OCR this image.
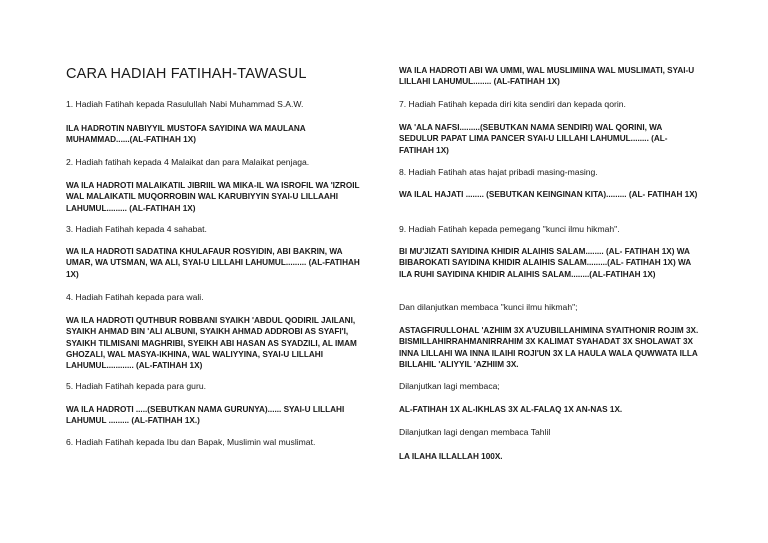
CARA HADIAH FATIHAH-TAWASUL
1. Hadiah Fatihah kepada Rasulullah Nabi Muhammad S.A.W.
ILA HADROTIN NABIYYIL MUSTOFA SAYIDINA WA MAULANA MUHAMMAD......(AL-FATIHAH 1X)
2. Hadiah fatihah kepada 4 Malaikat dan para Malaikat penjaga.
WA ILA HADROTI MALAIKATIL JIBRIIL WA MIKA-IL WA ISROFIL WA 'IZROIL WAL MALAIKATIL MUQORROBIN WAL KARUBIYYIN SYAI-U LILLAAHI LAHUMUL......... (AL-FATIHAH 1X)
3. Hadiah Fatihah kepada 4 sahabat.
WA ILA HADROTI SADATINA KHULAFAUR ROSYIDIN, ABI BAKRIN, WA UMAR, WA UTSMAN, WA ALI, SYAI-U LILLAHI LAHUMUL......... (AL-FATIHAH 1X)
4. Hadiah Fatihah kepada para wali.
WA ILA HADROTI QUTHBUR ROBBANI SYAIKH 'ABDUL QODIRIL JAILANI, SYAIKH AHMAD BIN 'ALI ALBUNI, SYAIKH AHMAD ADDROBI AS SYAFI'I, SYAIKH TILMISANI MAGHRIBI, SYEIKH ABI HASAN AS SYADZILI, AL IMAM GHOZALI, WAL MASYA-IKHINA, WAL WALIYYINA, SYAI-U LILLAHI LAHUMUL............ (AL-FATIHAH 1X)
5. Hadiah Fatihah kepada para guru.
WA ILA HADROTI .....(SEBUTKAN NAMA GURUNYA)...... SYAI-U LILLAHI LAHUMUL ......... (AL-FATIHAH 1X.)
6. Hadiah Fatihah kepada Ibu dan Bapak, Muslimin wal muslimat.
WA ILA HADROTI ABI WA UMMI, WAL MUSLIMIINA WAL MUSLIMATI, SYAI-U LILLAHI LAHUMUL........ (AL-FATIHAH 1X)
7. Hadiah Fatihah kepada diri kita sendiri dan kepada qorin.
WA 'ALA NAFSI.........(SEBUTKAN NAMA SENDIRI) WAL QORINI, WA SEDULUR PAPAT LIMA PANCER SYAI-U LILLAHI LAHUMUL........ (AL- FATIHAH 1X)
8. Hadiah Fatihah atas hajat pribadi masing-masing.
WA ILAL HAJATI ........ (SEBUTKAN KEINGINAN KITA)......... (AL- FATIHAH 1X)
9. Hadiah Fatihah kepada pemegang "kunci ilmu hikmah".
BI MU'JIZATI SAYIDINA KHIDIR ALAIHIS SALAM........ (AL- FATIHAH 1X) WA BIBAROKATI SAYIDINA KHIDIR ALAIHIS SALAM.........(AL- FATIHAH 1X) WA ILA RUHI SAYIDINA KHIDIR ALAIHIS SALAM........(AL-FATIHAH 1X)
Dan dilanjutkan membaca "kunci ilmu hikmah";
ASTAGFIRULLOHAL 'AZHIIM 3X A'UZUBILLAHIMINA SYAITHONIR ROJIM 3X. BISMILLAHIRRAHMANIRRAHIM 3X KALIMAT SYAHADAT 3X SHOLAWAT 3X INNA LILLAHI WA INNA ILAIHI ROJI'UN 3X LA HAULA WALA QUWWATA ILLA BILLAHIL 'ALIYYIL 'AZHIIM 3X.
Dilanjutkan lagi membaca;
AL-FATIHAH 1X AL-IKHLAS 3X AL-FALAQ 1X AN-NAS 1X.
Dilanjutkan lagi dengan membaca Tahlil
LA ILAHA ILLALLAH 100X.
